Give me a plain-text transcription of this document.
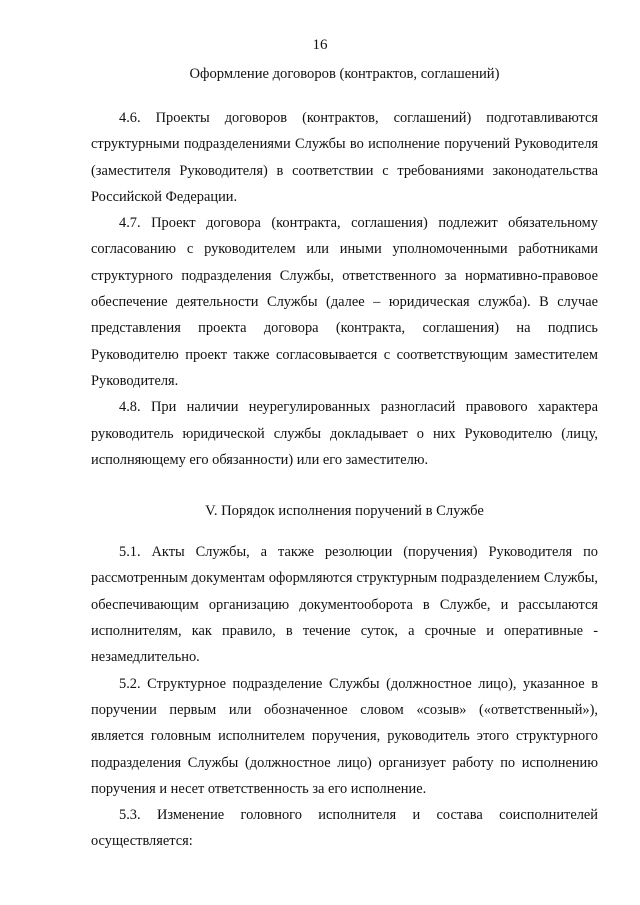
16

Оформление договоров (контрактов, соглашений)

4.6. Проекты договоров (контрактов, соглашений) подготавливаются структурными подразделениями Службы во исполнение поручений Руководителя (заместителя Руководителя) в соответствии с требованиями законодательства Российской Федерации.

4.7. Проект договора (контракта, соглашения) подлежит обязательному согласованию с руководителем или иными уполномоченными работниками структурного подразделения Службы, ответственного за нормативно-правовое обеспечение деятельности Службы (далее – юридическая служба). В случае представления проекта договора (контракта, соглашения) на подпись Руководителю проект также согласовывается с соответствующим заместителем Руководителя.

4.8. При наличии неурегулированных разногласий правового характера руководитель юридической службы докладывает о них Руководителю (лицу, исполняющему его обязанности) или его заместителю.

V. Порядок исполнения поручений в Службе

5.1. Акты Службы, а также резолюции (поручения) Руководителя по рассмотренным документам оформляются структурным подразделением Службы, обеспечивающим организацию документооборота в Службе, и рассылаются исполнителям, как правило, в течение суток, а срочные и оперативные - незамедлительно.

5.2. Структурное подразделение Службы (должностное лицо), указанное в поручении первым или обозначенное словом «созыв» («ответственный»), является головным исполнителем поручения, руководитель этого структурного подразделения Службы (должностное лицо) организует работу по исполнению поручения и несет ответственность за его исполнение.

5.3. Изменение головного исполнителя и состава соисполнителей осуществляется:
